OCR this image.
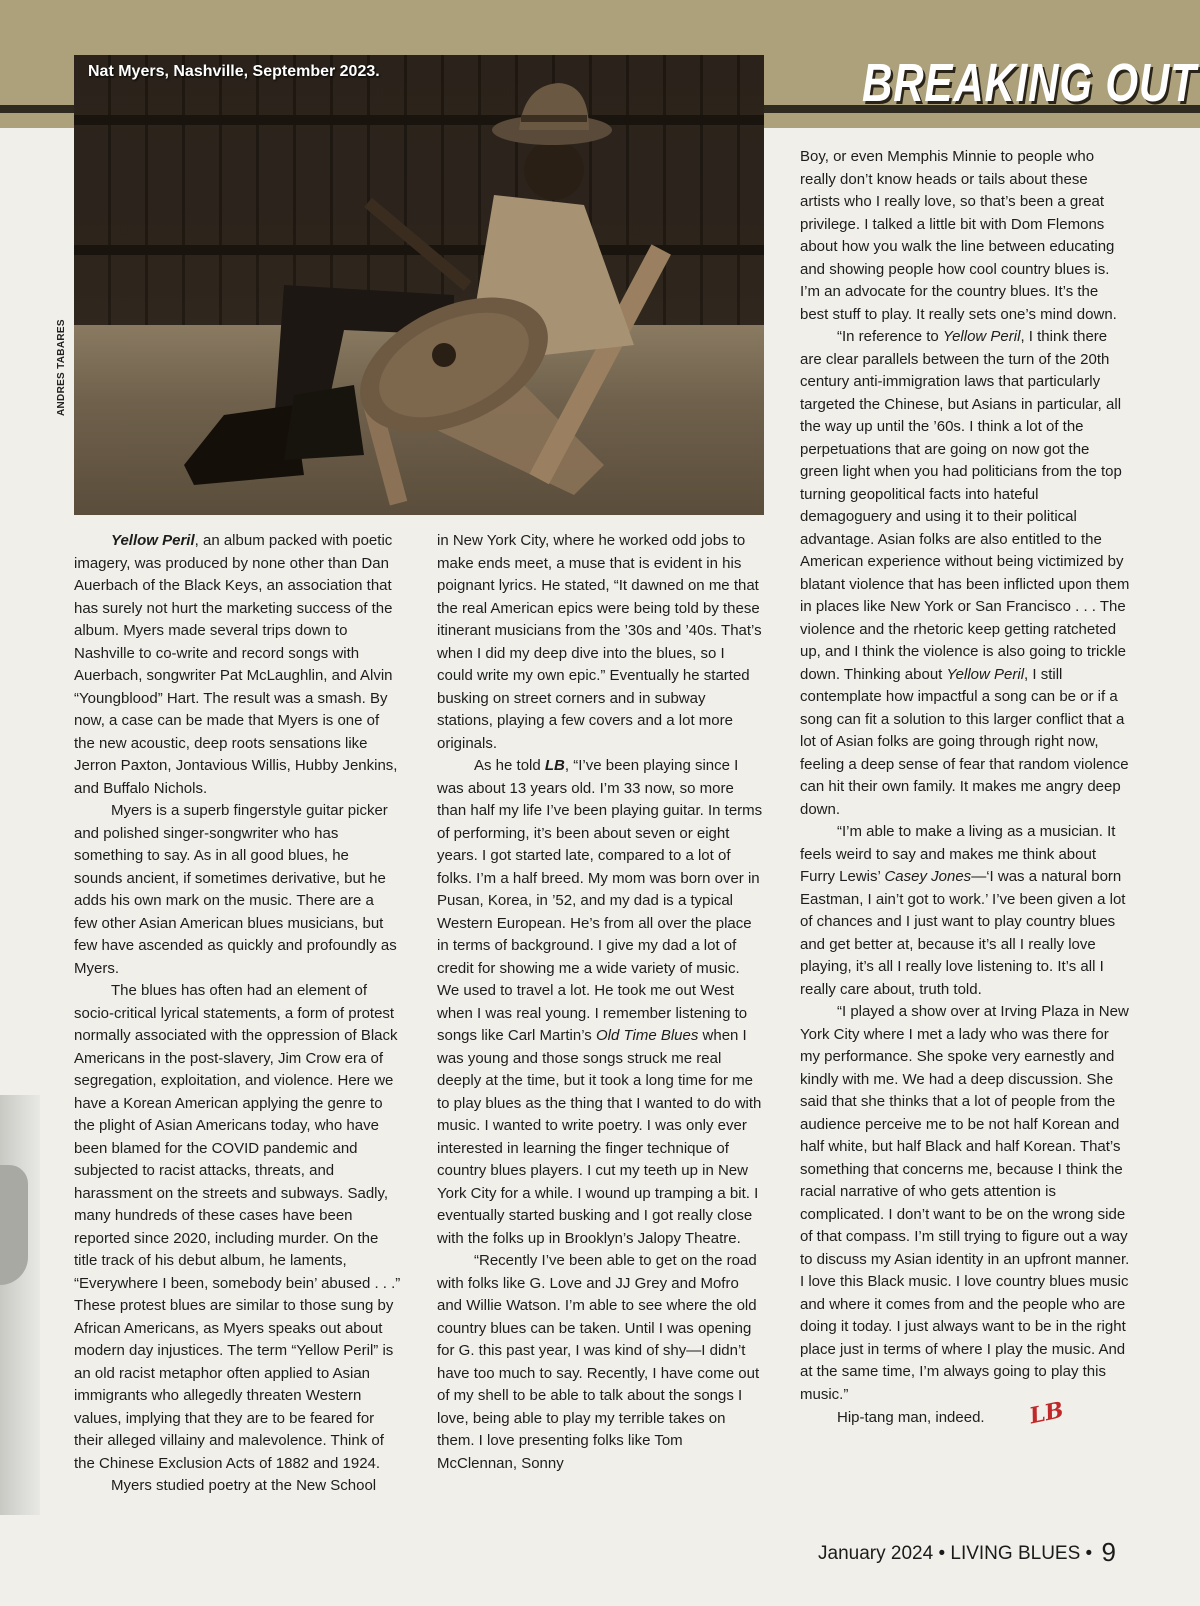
BREAKING OUT
Nat Myers, Nashville, September 2023.
ANDRES TABARES

Yellow Peril, an album packed with poetic imagery, was produced by none other than Dan Auerbach of the Black Keys, an association that has surely not hurt the marketing success of the album. Myers made several trips down to Nashville to co-write and record songs with Auerbach, songwriter Pat McLaughlin, and Alvin “Youngblood” Hart. The result was a smash. By now, a case can be made that Myers is one of the new acoustic, deep roots sensations like Jerron Paxton, Jontavious Willis, Hubby Jenkins, and Buffalo Nichols.

Myers is a superb fingerstyle guitar picker and polished singer-songwriter who has something to say. As in all good blues, he sounds ancient, if sometimes derivative, but he adds his own mark on the music. There are a few other Asian American blues musicians, but few have ascended as quickly and profoundly as Myers.

The blues has often had an element of socio-critical lyrical statements, a form of protest normally associated with the oppression of Black Americans in the post-slavery, Jim Crow era of segregation, exploitation, and violence. Here we have a Korean American applying the genre to the plight of Asian Americans today, who have been blamed for the COVID pandemic and subjected to racist attacks, threats, and harassment on the streets and subways. Sadly, many hundreds of these cases have been reported since 2020, including murder. On the title track of his debut album, he laments, “Everywhere I been, somebody bein’ abused . . .” These protest blues are similar to those sung by African Americans, as Myers speaks out about modern day injustices. The term “Yellow Peril” is an old racist metaphor often applied to Asian immigrants who allegedly threaten Western values, implying that they are to be feared for their alleged villainy and malevolence. Think of the Chinese Exclusion Acts of 1882 and 1924.

Myers studied poetry at the New School

in New York City, where he worked odd jobs to make ends meet, a muse that is evident in his poignant lyrics. He stated, “It dawned on me that the real American epics were being told by these itinerant musicians from the ’30s and ’40s. That’s when I did my deep dive into the blues, so I could write my own epic.” Eventually he started busking on street corners and in subway stations, playing a few covers and a lot more originals.

As he told LB, “I’ve been playing since I was about 13 years old. I’m 33 now, so more than half my life I’ve been playing guitar. In terms of performing, it’s been about seven or eight years. I got started late, compared to a lot of folks. I’m a half breed. My mom was born over in Pusan, Korea, in ’52, and my dad is a typical Western European. He’s from all over the place in terms of background. I give my dad a lot of credit for showing me a wide variety of music. We used to travel a lot. He took me out West when I was real young. I remember listening to songs like Carl Martin’s Old Time Blues when I was young and those songs struck me real deeply at the time, but it took a long time for me to play blues as the thing that I wanted to do with music. I wanted to write poetry. I was only ever interested in learning the finger technique of country blues players. I cut my teeth up in New York City for a while. I wound up tramping a bit. I eventually started busking and I got really close with the folks up in Brooklyn’s Jalopy Theatre.

“Recently I’ve been able to get on the road with folks like G. Love and JJ Grey and Mofro and Willie Watson. I’m able to see where the old country blues can be taken. Until I was opening for G. this past year, I was kind of shy—I didn’t have too much to say. Recently, I have come out of my shell to be able to talk about the songs I love, being able to play my terrible takes on them. I love presenting folks like Tom McClennan, Sonny

Boy, or even Memphis Minnie to people who really don’t know heads or tails about these artists who I really love, so that’s been a great privilege. I talked a little bit with Dom Flemons about how you walk the line between educating and showing people how cool country blues is. I’m an advocate for the country blues. It’s the best stuff to play. It really sets one’s mind down.

“In reference to Yellow Peril, I think there are clear parallels between the turn of the 20th century anti-immigration laws that particularly targeted the Chinese, but Asians in particular, all the way up until the ’60s. I think a lot of the perpetuations that are going on now got the green light when you had politicians from the top turning geopolitical facts into hateful demagoguery and using it to their political advantage. Asian folks are also entitled to the American experience without being victimized by blatant violence that has been inflicted upon them in places like New York or San Francisco . . . The violence and the rhetoric keep getting ratcheted up, and I think the violence is also going to trickle down. Thinking about Yellow Peril, I still contemplate how impactful a song can be or if a song can fit a solution to this larger conflict that a lot of Asian folks are going through right now, feeling a deep sense of fear that random violence can hit their own family. It makes me angry deep down.

“I’m able to make a living as a musician. It feels weird to say and makes me think about Furry Lewis’ Casey Jones—‘I was a natural born Eastman, I ain’t got to work.’ I’ve been given a lot of chances and I just want to play country blues and get better at, because it’s all I really love playing, it’s all I really love listening to. It’s all I really care about, truth told.

“I played a show over at Irving Plaza in New York City where I met a lady who was there for my performance. She spoke very earnestly and kindly with me. We had a deep discussion. She said that she thinks that a lot of people from the audience perceive me to be not half Korean and half white, but half Black and half Korean. That’s something that concerns me, because I think the racial narrative of who gets attention is complicated. I don’t want to be on the wrong side of that compass. I’m still trying to figure out a way to discuss my Asian identity in an upfront manner. I love this Black music. I love country blues music and where it comes from and the people who are doing it today. I just always want to be in the right place just in terms of where I play the music. And at the same time, I’m always going to play this music.”

Hip-tang man, indeed. LB

January 2024 • LIVING BLUES • 9
